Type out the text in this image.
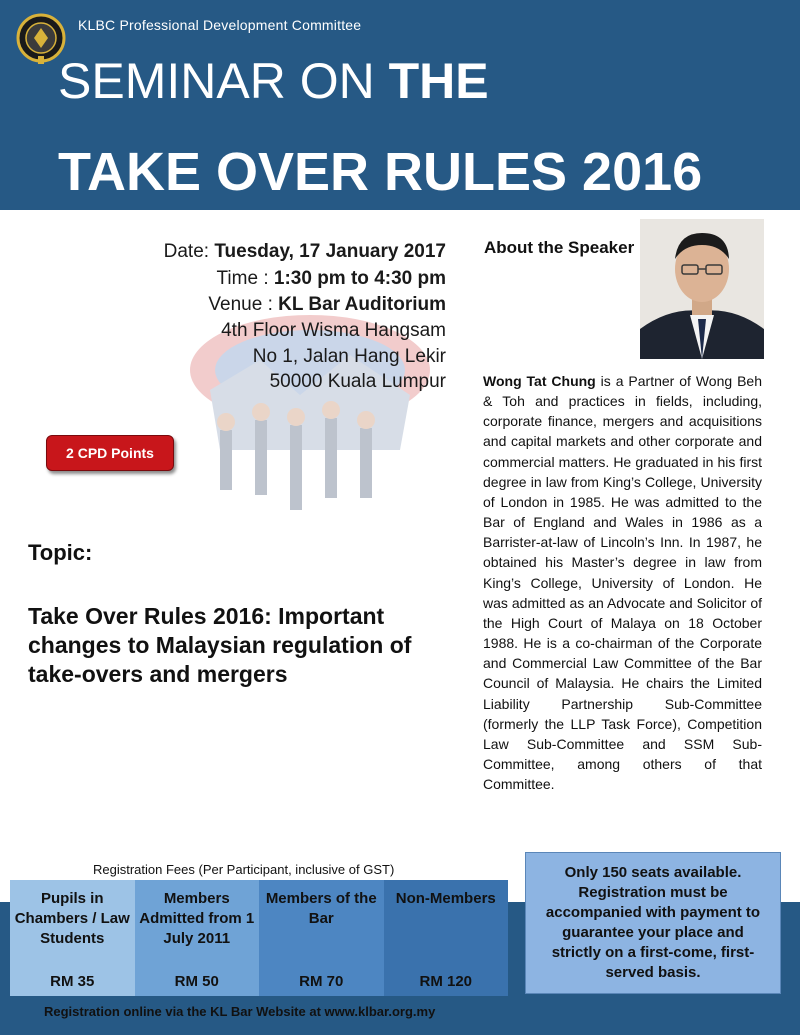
KLBC Professional Development Committee
SEMINAR ON THE
TAKE OVER RULES 2016
Date: Tuesday, 17 January 2017
Time : 1:30 pm to 4:30 pm
Venue : KL Bar Auditorium
4th Floor Wisma Hangsam
No 1, Jalan Hang Lekir
50000 Kuala Lumpur
2 CPD Points
Topic:
Take Over Rules 2016: Important changes to Malaysian regulation of take-overs and mergers
About the Speaker
Wong Tat Chung is a Partner of Wong Beh & Toh and practices in fields, including, corporate finance, mergers and acquisitions and capital markets and other corporate and commercial matters. He graduated in his first degree in law from King’s College, University of London in 1985. He was admitted to the Bar of England and Wales in 1986 as a Barrister-at-law of Lincoln’s Inn. In 1987, he obtained his Master’s degree in law from King’s College, University of London. He was admitted as an Advocate and Solicitor of the High Court of Malaya on 18 October 1988. He is a co-chairman of the Corporate and Commercial Law Committee of the Bar Council of Malaysia. He chairs the Limited Liability Partnership Sub-Committee (formerly the LLP Task Force), Competition Law Sub-Committee and SSM Sub-Committee, among others of that Committee.
Registration Fees (Per Participant, inclusive of GST)
Pupils in Chambers / Law Students
RM 35
Members Admitted from 1 July 2011
RM 50
Members of the Bar
RM 70
Non-Members
RM 120
Only 150 seats available. Registration must be accompanied with payment to guarantee your place and strictly on a first-come, first-served basis.
Registration online via the KL Bar Website at www.klbar.org.my
